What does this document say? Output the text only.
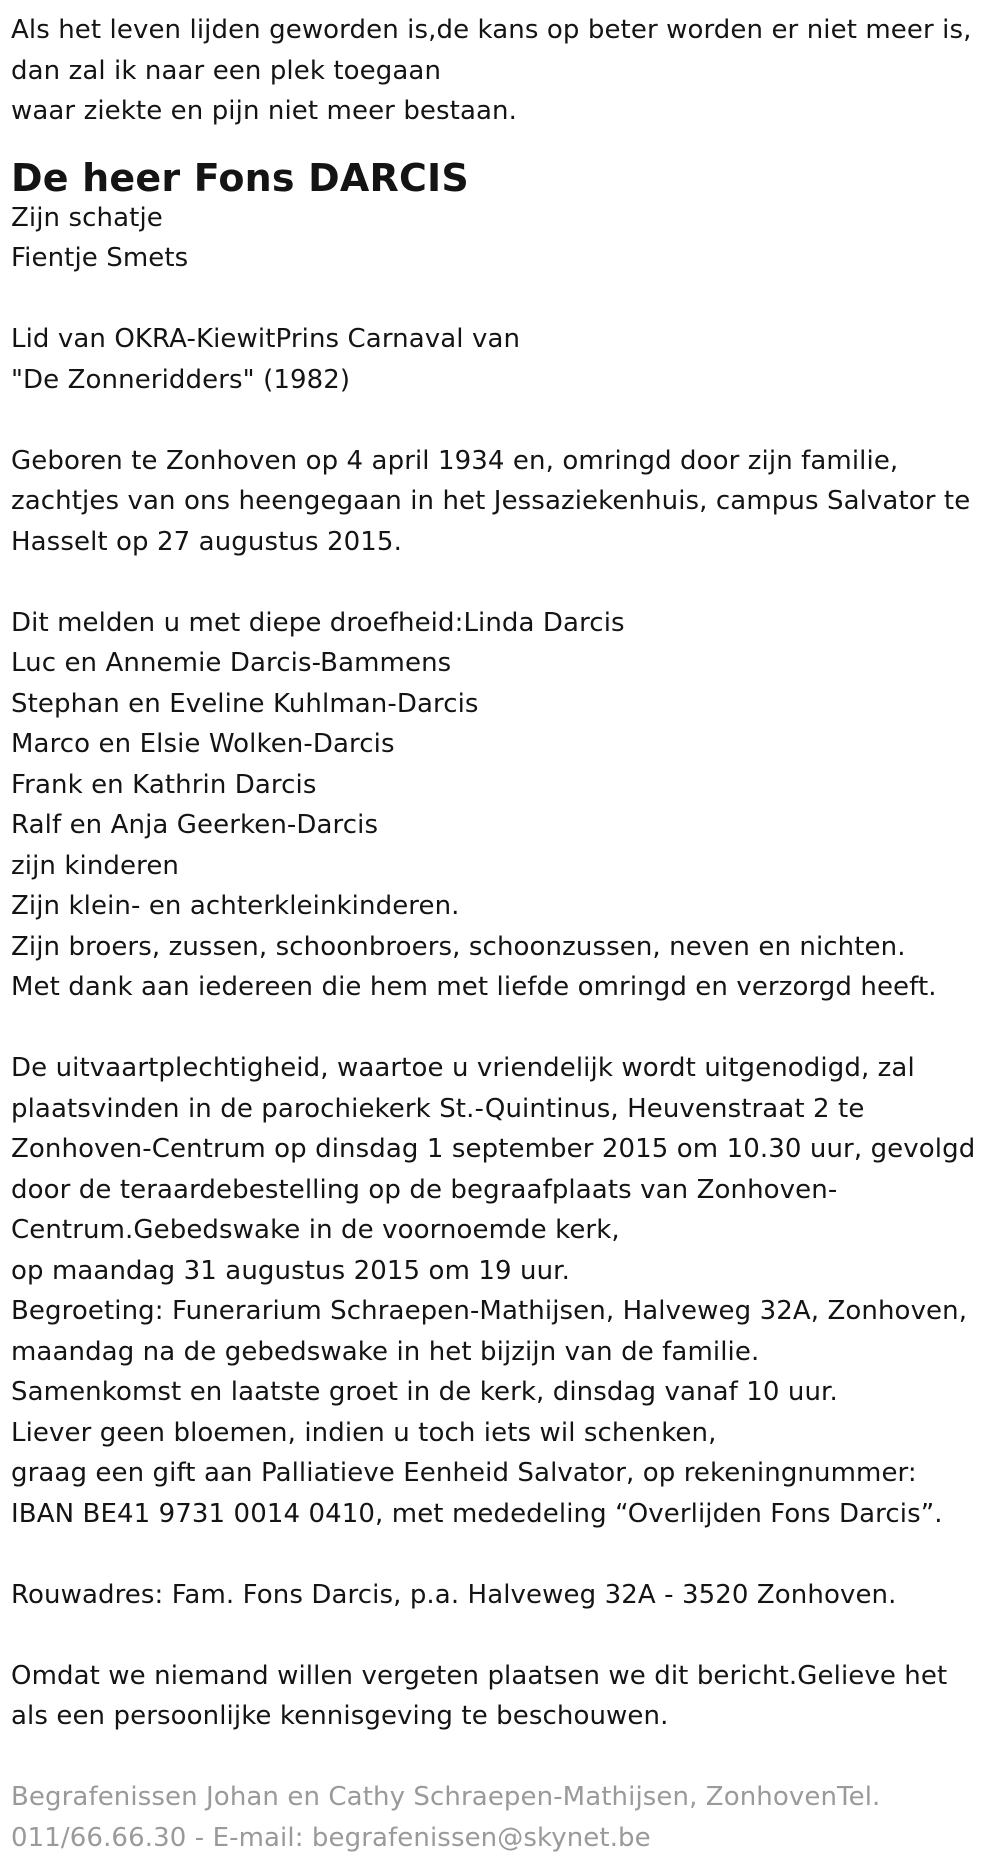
Als het leven lijden geworden is,de kans op beter worden er niet meer is,
dan zal ik naar een plek toegaan
waar ziekte en pijn niet meer bestaan.
De heer Fons DARCIS
Zijn schatje
Fientje Smets
Lid van OKRA-KiewitPrins Carnaval van
"De Zonneridders" (1982)
Geboren te Zonhoven op 4 april 1934 en, omringd door zijn familie,
zachtjes van ons heengegaan in het Jessaziekenhuis, campus Salvator te
Hasselt op 27 augustus 2015.
Dit melden u met diepe droefheid:Linda Darcis
Luc en Annemie Darcis-Bammens
Stephan en Eveline Kuhlman-Darcis
Marco en Elsie Wolken-Darcis
Frank en Kathrin Darcis
Ralf en Anja Geerken-Darcis
zijn kinderen
Zijn klein- en achterkleinkinderen.
Zijn broers, zussen, schoonbroers, schoonzussen, neven en nichten.
Met dank aan iedereen die hem met liefde omringd en verzorgd heeft.
De uitvaartplechtigheid, waartoe u vriendelijk wordt uitgenodigd, zal
plaatsvinden in de parochiekerk St.-Quintinus, Heuvenstraat 2 te
Zonhoven-Centrum op dinsdag 1 september 2015 om 10.30 uur, gevolgd
door de teraardebestelling op de begraafplaats van Zonhoven-
Centrum.Gebedswake in de voornoemde kerk,
op maandag 31 augustus 2015 om 19 uur.
Begroeting: Funerarium Schraepen-Mathijsen, Halveweg 32A, Zonhoven,
maandag na de gebedswake in het bijzijn van de familie.
Samenkomst en laatste groet in de kerk, dinsdag vanaf 10 uur.
Liever geen bloemen, indien u toch iets wil schenken,
graag een gift aan Palliatieve Eenheid Salvator, op rekeningnummer:
IBAN BE41 9731 0014 0410, met mededeling “Overlijden Fons Darcis”.
Rouwadres: Fam. Fons Darcis, p.a. Halveweg 32A - 3520 Zonhoven.
Omdat we niemand willen vergeten plaatsen we dit bericht.Gelieve het
als een persoonlijke kennisgeving te beschouwen.
Begrafenissen Johan en Cathy Schraepen-Mathijsen, ZonhovenTel.
011/66.66.30 - E-mail: begrafenissen@skynet.be
